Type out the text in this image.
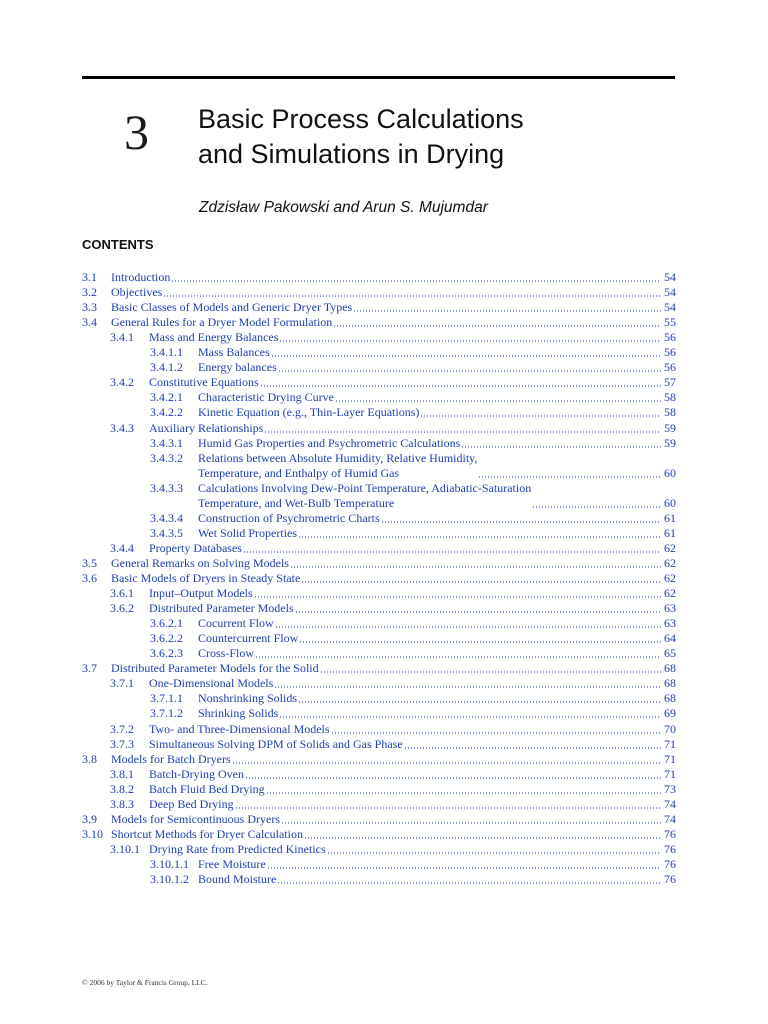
3 Basic Process Calculations
and Simulations in Drying
Zdzisław Pakowski and Arun S. Mujumdar
CONTENTS
3.1 Introduction	54
3.2 Objectives	54
3.3 Basic Classes of Models and Generic Dryer Types	54
3.4 General Rules for a Dryer Model Formulation	55
3.4.1 Mass and Energy Balances	56
3.4.1.1 Mass Balances	56
3.4.1.2 Energy balances	56
3.4.2 Constitutive Equations	57
3.4.2.1 Characteristic Drying Curve	58
3.4.2.2 Kinetic Equation (e.g., Thin-Layer Equations)	58
3.4.3 Auxiliary Relationships	59
3.4.3.1 Humid Gas Properties and Psychrometric Calculations	59
3.4.3.2 Relations between Absolute Humidity, Relative Humidity,
Temperature, and Enthalpy of Humid Gas	60
3.4.3.3 Calculations Involving Dew-Point Temperature, Adiabatic-Saturation
Temperature, and Wet-Bulb Temperature	60
3.4.3.4 Construction of Psychrometric Charts	61
3.4.3.5 Wet Solid Properties	61
3.4.4 Property Databases	62
3.5 General Remarks on Solving Models	62
3.6 Basic Models of Dryers in Steady State	62
3.6.1 Input–Output Models	62
3.6.2 Distributed Parameter Models	63
3.6.2.1 Cocurrent Flow	63
3.6.2.2 Countercurrent Flow	64
3.6.2.3 Cross-Flow	65
3.7 Distributed Parameter Models for the Solid	68
3.7.1 One-Dimensional Models	68
3.7.1.1 Nonshrinking Solids	68
3.7.1.2 Shrinking Solids	69
3.7.2 Two- and Three-Dimensional Models	70
3.7.3 Simultaneous Solving DPM of Solids and Gas Phase	71
3.8 Models for Batch Dryers	71
3.8.1 Batch-Drying Oven	71
3.8.2 Batch Fluid Bed Drying	73
3.8.3 Deep Bed Drying	74
3.9 Models for Semicontinuous Dryers	74
3.10 Shortcut Methods for Dryer Calculation	76
3.10.1 Drying Rate from Predicted Kinetics	76
3.10.1.1 Free Moisture	76
3.10.1.2 Bound Moisture	76
© 2006 by Taylor & Francis Group, LLC.
